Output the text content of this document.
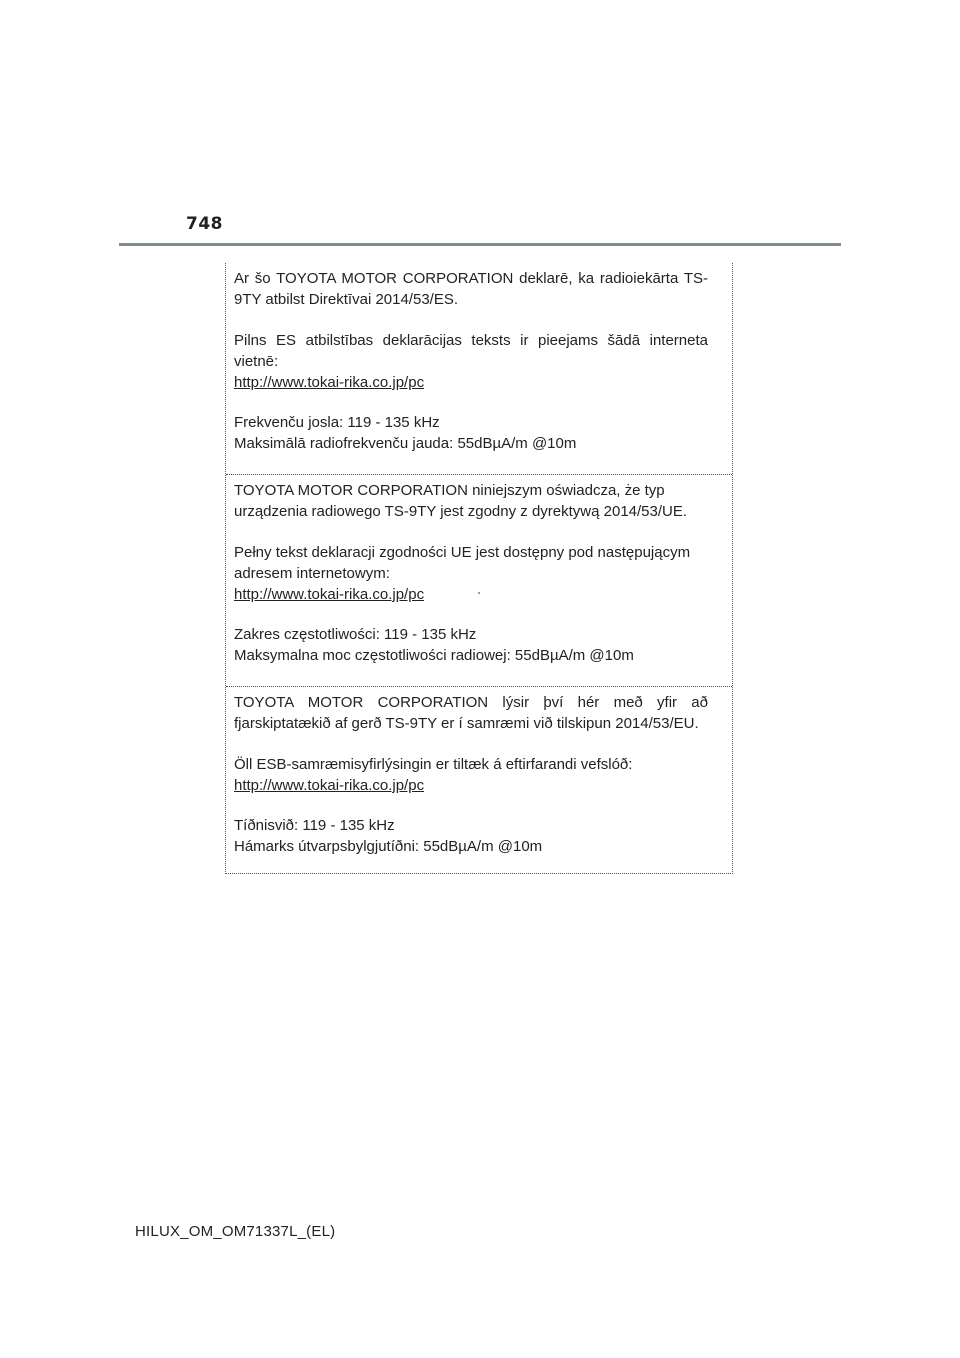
748

Ar šo TOYOTA MOTOR CORPORATION deklarē, ka radioiekārta TS-9TY atbilst Direktīvai 2014/53/ES.

Pilns ES atbilstības deklarācijas teksts ir pieejams šādā interneta vietnē:
http://www.tokai-rika.co.jp/pc

Frekvenču josla: 119 - 135 kHz
Maksimālā radiofrekvenču jauda: 55dBµA/m @10m

TOYOTA MOTOR CORPORATION niniejszym oświadcza, że typ urządzenia radiowego TS-9TY jest zgodny z dyrektywą 2014/53/UE.

Pełny tekst deklaracji zgodności UE jest dostępny pod następującym adresem internetowym:
http://www.tokai-rika.co.jp/pc

Zakres częstotliwości: 119 - 135 kHz
Maksymalna moc częstotliwości radiowej: 55dBµA/m @10m

TOYOTA MOTOR CORPORATION lýsir því hér með yfir að fjarskiptatækið af gerð TS-9TY er í samræmi við tilskipun 2014/53/EU.

Öll ESB-samræmisyfirlýsingin er tiltæk á eftirfarandi vefslóð:
http://www.tokai-rika.co.jp/pc

Tíðnisvið: 119 - 135 kHz
Hámarks útvarpsbylgjutíðni: 55dBµA/m @10m

HILUX_OM_OM71337L_(EL)
